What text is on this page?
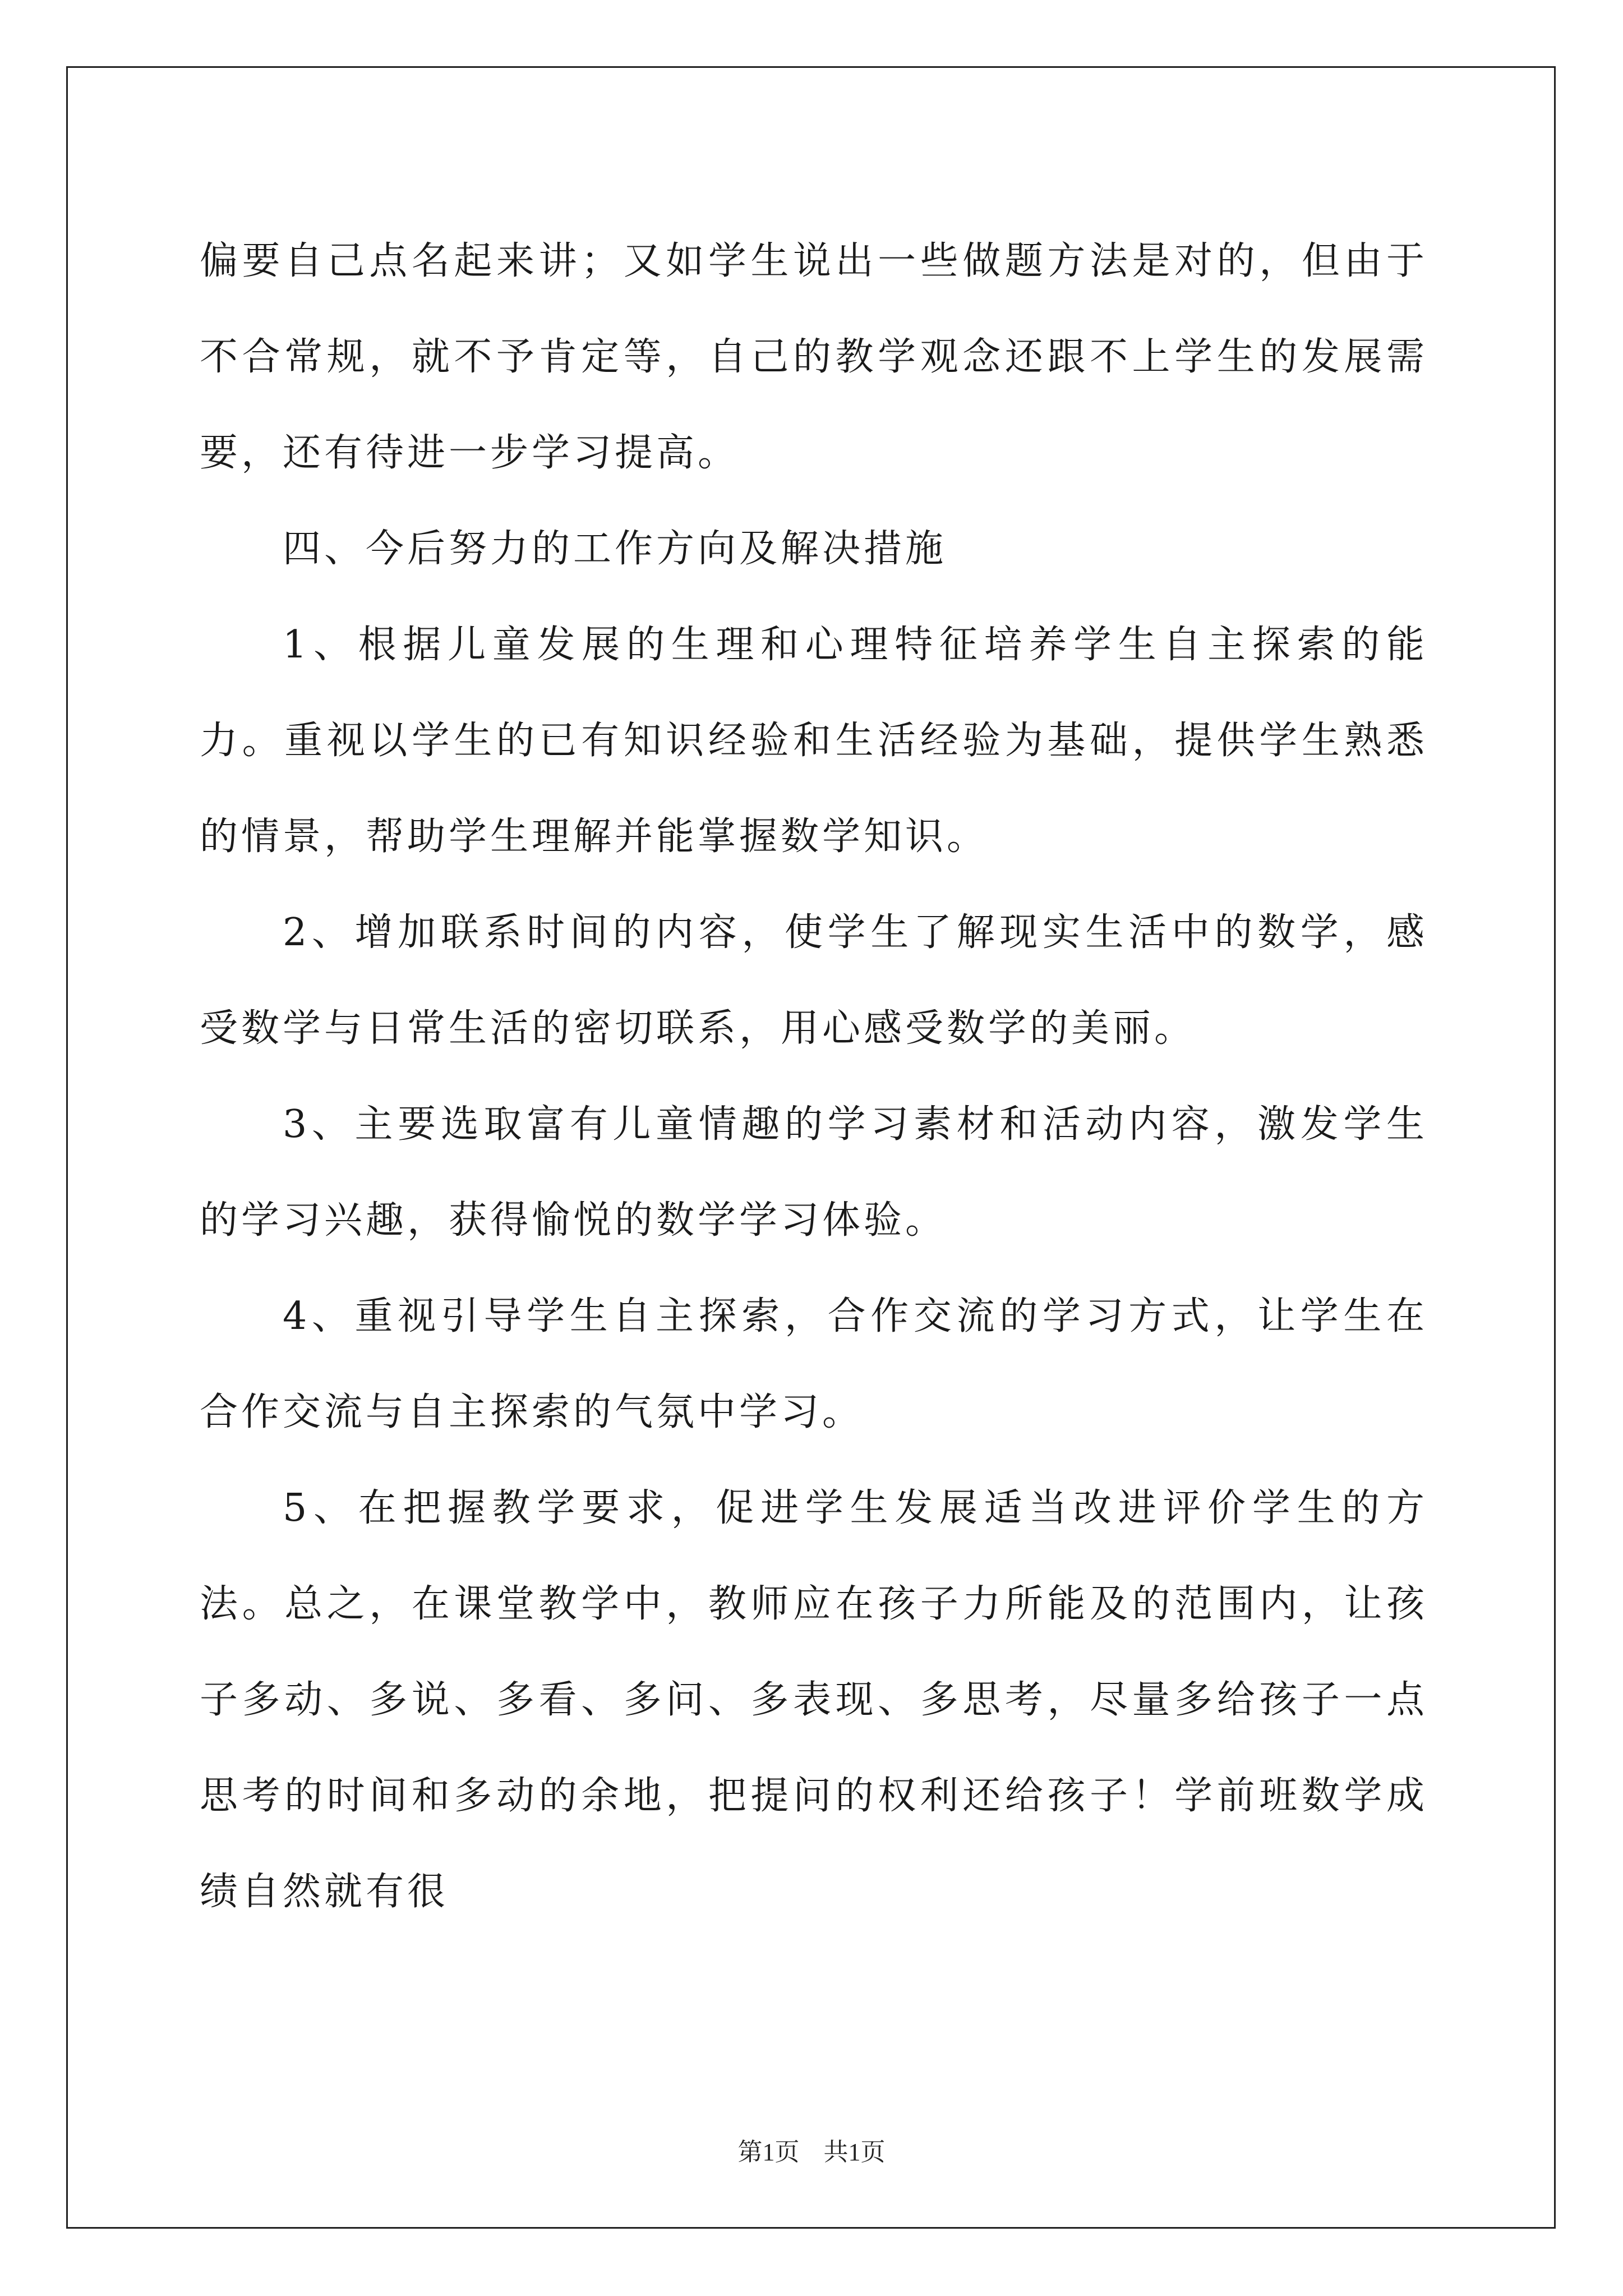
偏要自己点名起来讲；又如学生说出一些做题方法是对的，但由于不合常规，就不予肯定等，自己的教学观念还跟不上学生的发展需要，还有待进一步学习提高。

四、今后努力的工作方向及解决措施

1、根据儿童发展的生理和心理特征培养学生自主探索的能力。重视以学生的已有知识经验和生活经验为基础，提供学生熟悉的情景，帮助学生理解并能掌握数学知识。

2、增加联系时间的内容，使学生了解现实生活中的数学，感受数学与日常生活的密切联系，用心感受数学的美丽。

3、主要选取富有儿童情趣的学习素材和活动内容，激发学生的学习兴趣，获得愉悦的数学学习体验。

4、重视引导学生自主探索，合作交流的学习方式，让学生在合作交流与自主探索的气氛中学习。

5、在把握教学要求，促进学生发展适当改进评价学生的方法。总之，在课堂教学中，教师应在孩子力所能及的范围内，让孩子多动、多说、多看、多问、多表现、多思考，尽量多给孩子一点思考的时间和多动的余地，把提问的权利还给孩子！学前班数学成绩自然就有很

第1页 共1页
